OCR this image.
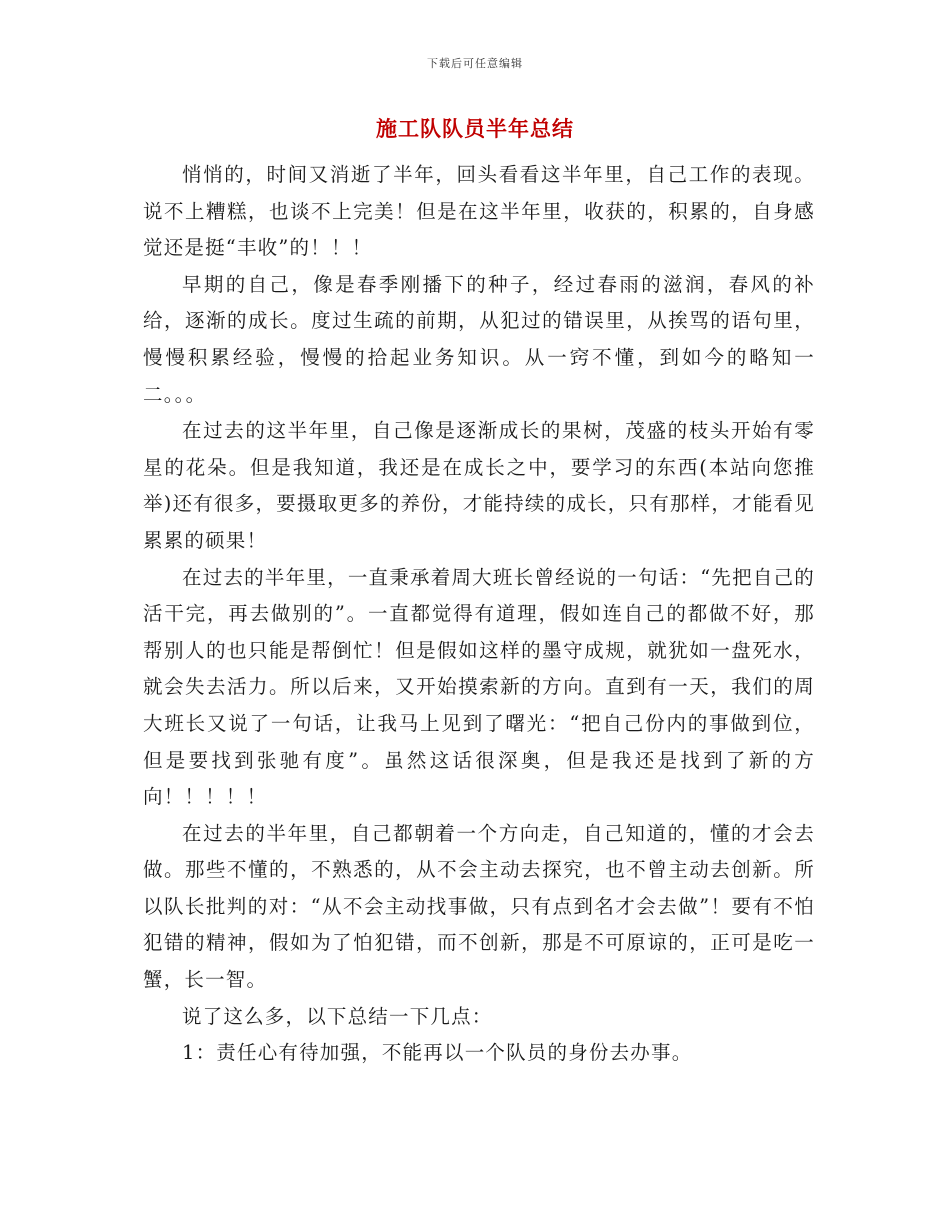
下载后可任意编辑
施工队队员半年总结

悄悄的，时间又消逝了半年，回头看看这半年里，自己工作的表现。说不上糟糕，也谈不上完美！但是在这半年里，收获的，积累的，自身感觉还是挺“丰收”的！！！

早期的自己，像是春季刚播下的种子，经过春雨的滋润，春风的补给，逐渐的成长。度过生疏的前期，从犯过的错误里，从挨骂的语句里，慢慢积累经验，慢慢的拾起业务知识。从一窍不懂，到如今的略知一二。。。

在过去的这半年里，自己像是逐渐成长的果树，茂盛的枝头开始有零星的花朵。但是我知道，我还是在成长之中，要学习的东西(本站向您推举)还有很多，要摄取更多的养份，才能持续的成长，只有那样，才能看见累累的硕果！

在过去的半年里，一直秉承着周大班长曾经说的一句话：“先把自己的活干完，再去做别的”。一直都觉得有道理，假如连自己的都做不好，那帮别人的也只能是帮倒忙！但是假如这样的墨守成规，就犹如一盘死水，就会失去活力。所以后来，又开始摸索新的方向。直到有一天，我们的周大班长又说了一句话，让我马上见到了曙光：“把自己份内的事做到位，但是要找到张驰有度”。虽然这话很深奥，但是我还是找到了新的方向！！！！！

在过去的半年里，自己都朝着一个方向走，自己知道的，懂的才会去做。那些不懂的，不熟悉的，从不会主动去探究，也不曾主动去创新。所以队长批判的对：“从不会主动找事做，只有点到名才会去做”！要有不怕犯错的精神，假如为了怕犯错，而不创新，那是不可原谅的，正可是吃一蟹，长一智。

说了这么多，以下总结一下几点：

1：责任心有待加强，不能再以一个队员的身份去办事。
